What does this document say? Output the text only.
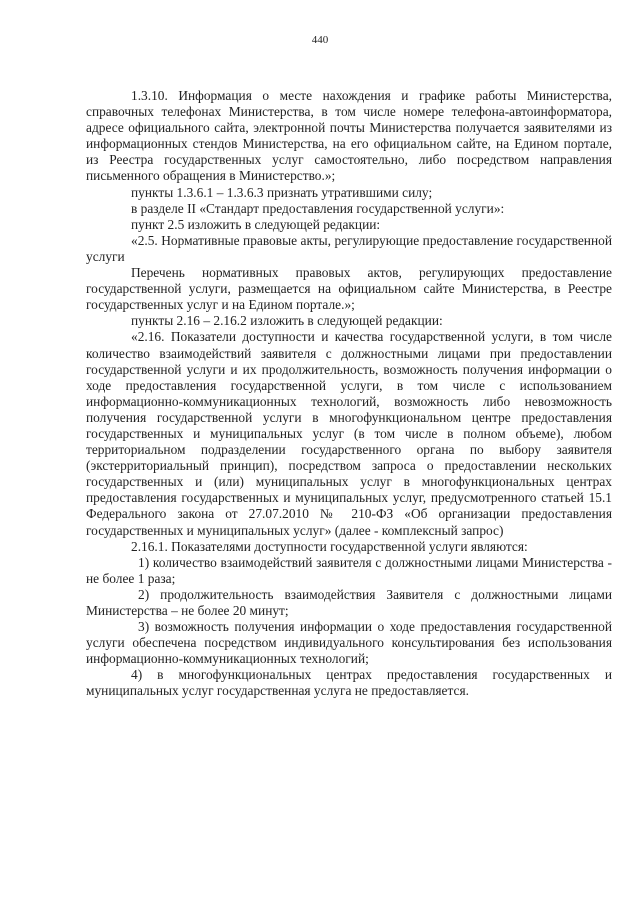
440

1.3.10. Информация о месте нахождения и графике работы Министерства, справочных телефонах Министерства, в том числе номере телефона-автоинформатора, адресе официального сайта, электронной почты Министерства получается заявителями из информационных стендов Министерства, на его официальном сайте, на Едином портале, из Реестра государственных услуг самостоятельно, либо посредством направления письменного обращения в Министерство.»;

пункты 1.3.6.1 – 1.3.6.3 признать утратившими силу;

в разделе II «Стандарт предоставления государственной услуги»:

пункт 2.5 изложить в следующей редакции:

«2.5. Нормативные правовые акты, регулирующие предоставление государственной услуги

Перечень нормативных правовых актов, регулирующих предоставление государственной услуги, размещается на официальном сайте Министерства, в Реестре государственных услуг и на Едином портале.»;

пункты 2.16 – 2.16.2 изложить в следующей редакции:

«2.16. Показатели доступности и качества государственной услуги, в том числе количество взаимодействий заявителя с должностными лицами при предоставлении государственной услуги и их продолжительность, возможность получения информации о ходе предоставления государственной услуги, в том числе с использованием информационно-коммуникационных технологий, возможность либо невозможность получения государственной услуги в многофункциональном центре предоставления государственных и муниципальных услуг (в том числе в полном объеме), любом территориальном подразделении государственного органа по выбору заявителя (экстерриториальный принцип), посредством запроса о предоставлении нескольких государственных и (или) муниципальных услуг в многофункциональных центрах предоставления государственных и муниципальных услуг, предусмотренного статьей 15.1 Федерального закона от 27.07.2010 № 210-ФЗ «Об организации предоставления государственных и муниципальных услуг» (далее - комплексный запрос)

2.16.1. Показателями доступности государственной услуги являются:

1) количество взаимодействий заявителя с должностными лицами Министерства - не более 1 раза;

2) продолжительность взаимодействия Заявителя с должностными лицами Министерства – не более 20 минут;

3) возможность получения информации о ходе предоставления государственной услуги обеспечена посредством индивидуального консультирования без использования информационно-коммуникационных технологий;

4) в многофункциональных центрах предоставления государственных и муниципальных услуг государственная услуга не предоставляется.
